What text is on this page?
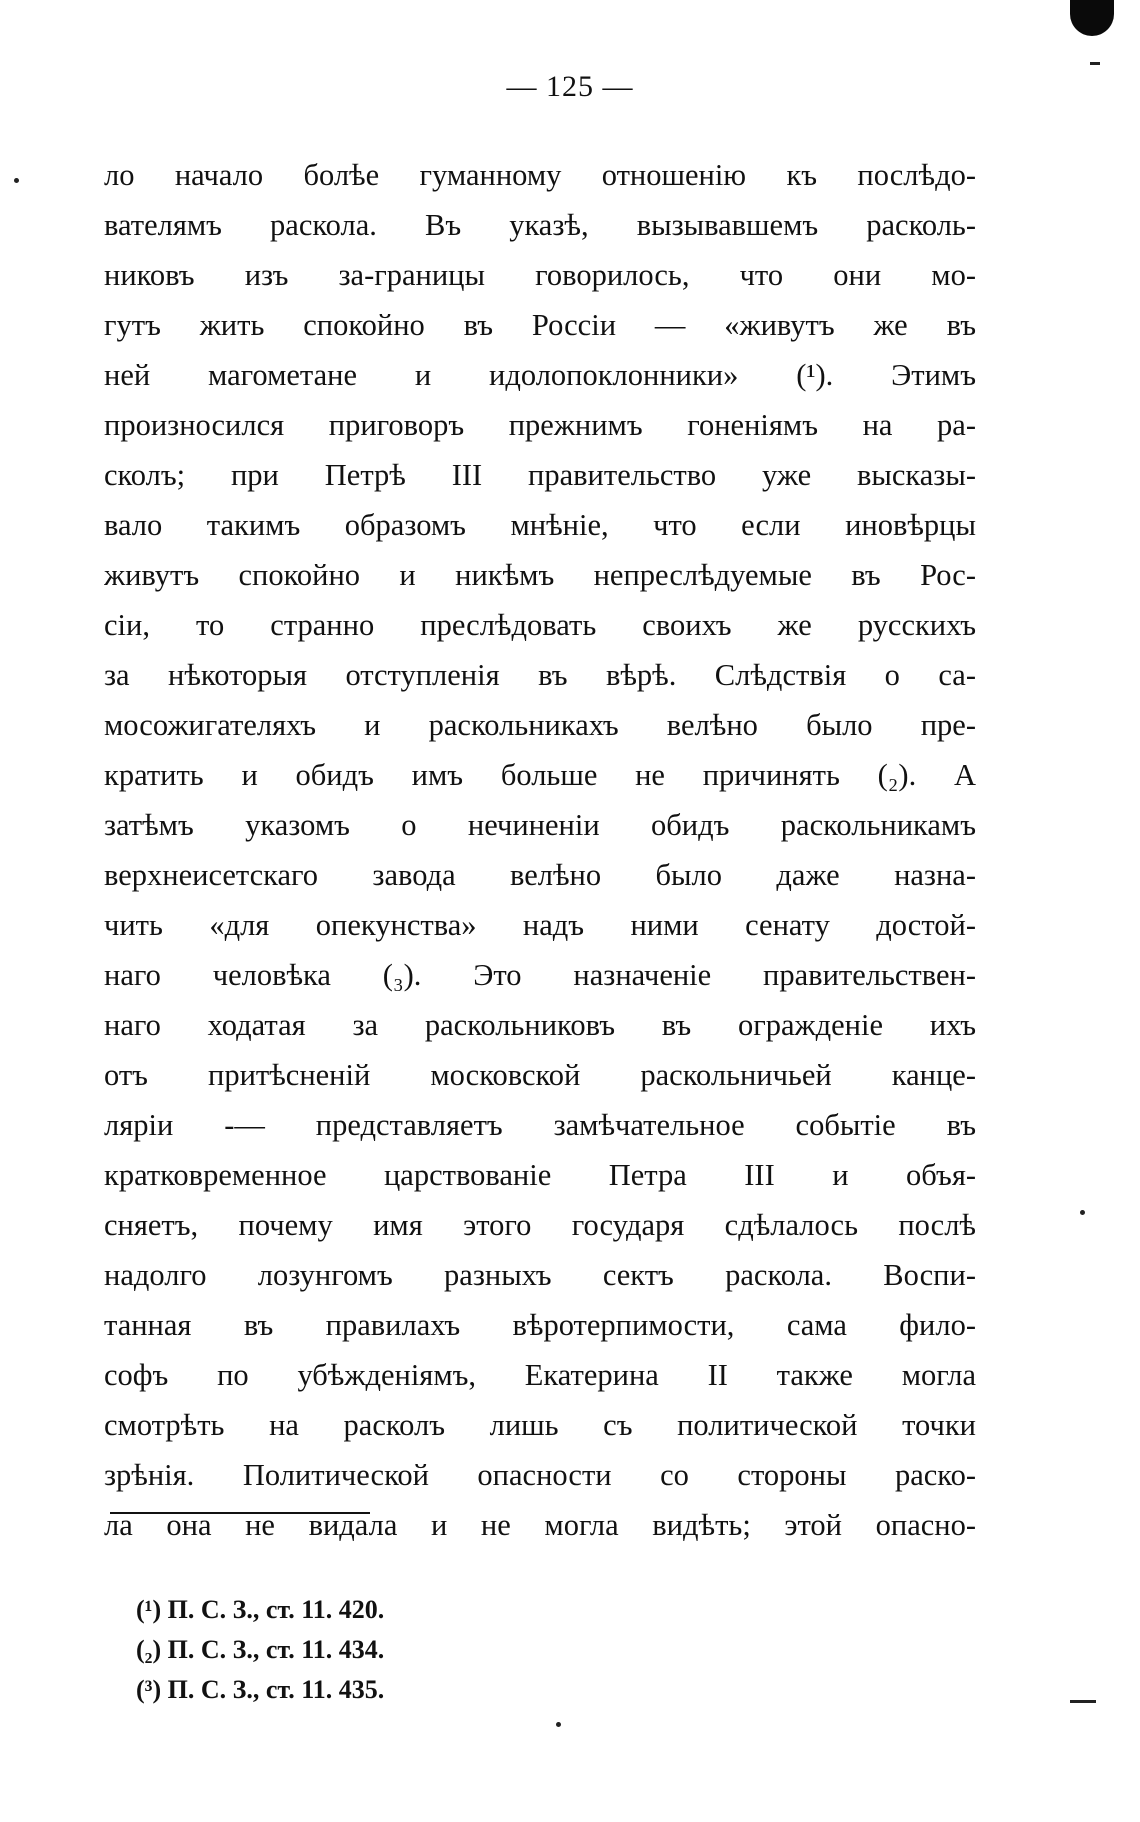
— 125 —
ло начало болѣе гуманному отношенію къ послѣдо-
вателямъ раскола. Въ указѣ, вызывавшемъ расколь-
никовъ изъ за-границы говорилось, что они мо-
гутъ жить спокойно въ Россіи — «живутъ же въ
ней магометане и идолопоклонники» (¹). Этимъ
произносился приговоръ прежнимъ гоненіямъ на ра-
сколъ; при Петрѣ III правительство уже высказы-
вало такимъ образомъ мнѣніе, что если иновѣрцы
живутъ спокойно и никѣмъ непреслѣдуемые въ Рос-
сіи, то странно преслѣдовать своихъ же русскихъ
за нѣкоторыя отступленія въ вѣрѣ. Слѣдствія о са-
мосожигателяхъ и раскольникахъ велѣно было пре-
кратить и обидъ имъ больше не причинять (₂). А
затѣмъ указомъ о нечиненіи обидъ раскольникамъ
верхнеисетскаго завода велѣно было даже назна-
чить «для опекунства» надъ ними сенату достой-
наго человѣка (₃). Это назначеніе правительствен-
наго ходатая за раскольниковъ въ огражденіе ихъ
отъ притѣсненій московской раскольничьей канце-
ляріи -— представляетъ замѣчательное событіе въ
кратковременное царствованіе Петра III и объя-
сняетъ, почему имя этого государя сдѣлалось послѣ
надолго лозунгомъ разныхъ сектъ раскола. Воспи-
танная въ правилахъ вѣротерпимости, сама фило-
софъ по убѣжденіямъ, Екатерина II также могла
смотрѣть на расколъ лишь съ политической точки
зрѣнія. Политической опасности со стороны раско-
ла она не видала и не могла видѣть; этой опасно-
(¹) П. С. З., ст. 11. 420.
(₂) П. С. З., ст. 11. 434.
(³) П. С. З., ст. 11. 435.
